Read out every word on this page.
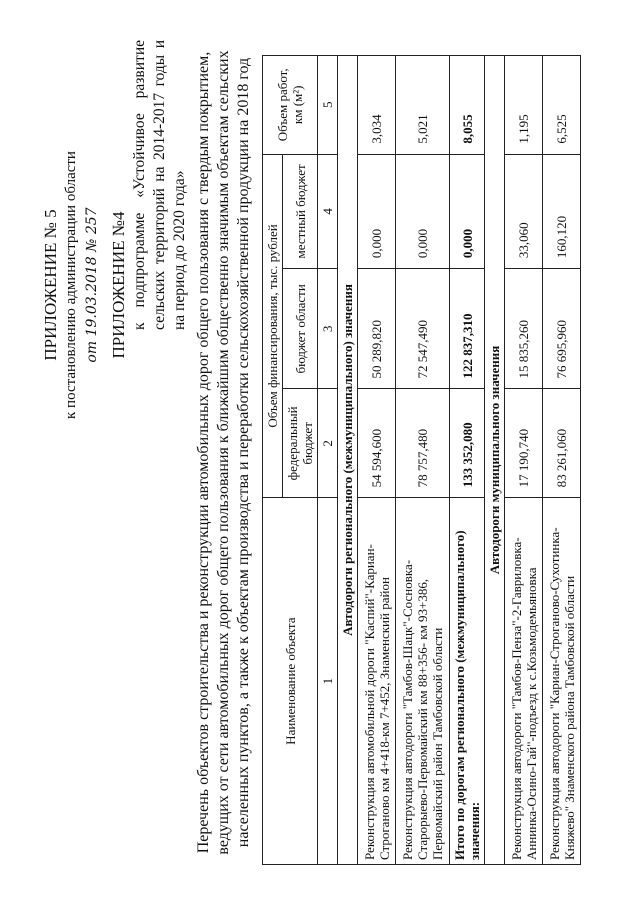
ПРИЛОЖЕНИЕ № 5 к постановлению администрации области от 19.03.2018 № 257 ПРИЛОЖЕНИЕ №4 к подпрограмме «Устойчивое развитие сельских территорий на 2014-2017 годы и на период до 2020 года» Перечень объектов строительства и реконструкции автомобильных дорог общего пользования с твердым покрытием, ведущих от сети автомобильных дорог общего пользования к ближайшим общественно значимым объектам сельских населенных пунктов, а также к объектам производства и переработки сельскохозяйственной продукции на 2018 год Наименование объекта	Объем финансирования, тыс. рублей			Объем работ, км (м²)
	федеральный бюджет	бюджет области	местный бюджет	
1	2	3	4	5
Автодороги регионального (межмуниципального) значения				
Реконструкция автомобильной дороги "Каспий"-Кариан-Строганово км 4+418-км 7+452, Знаменский район	54 594,600	50 289,820	0,000	3,034
Реконструкция автодороги "Тамбов-Шацк"-Сосновка-Старорыево-Первомайский км 88+356- км 93+386, Первомайский район Тамбовской области	78 757,480	72 547,490	0,000	5,021
Итого по дорогам регионального (межмуниципального) значения:	133 352,080	122 837,310	0,000	8,055
Автодороги муниципального значения				
Реконструкция автодороги "Тамбов-Пенза"-2-Гавриловка-Аннинка-Осино-Гай"-подъезд к с.Козьмодемьяновка	17 190,740	15 835,260	33,060	1,195
Реконструкция автодороги "Кариан-Строганово-Сухотинка-Княжево" Знаменского района Тамбовской области	83 261,060	76 695,960	160,120	6,525
